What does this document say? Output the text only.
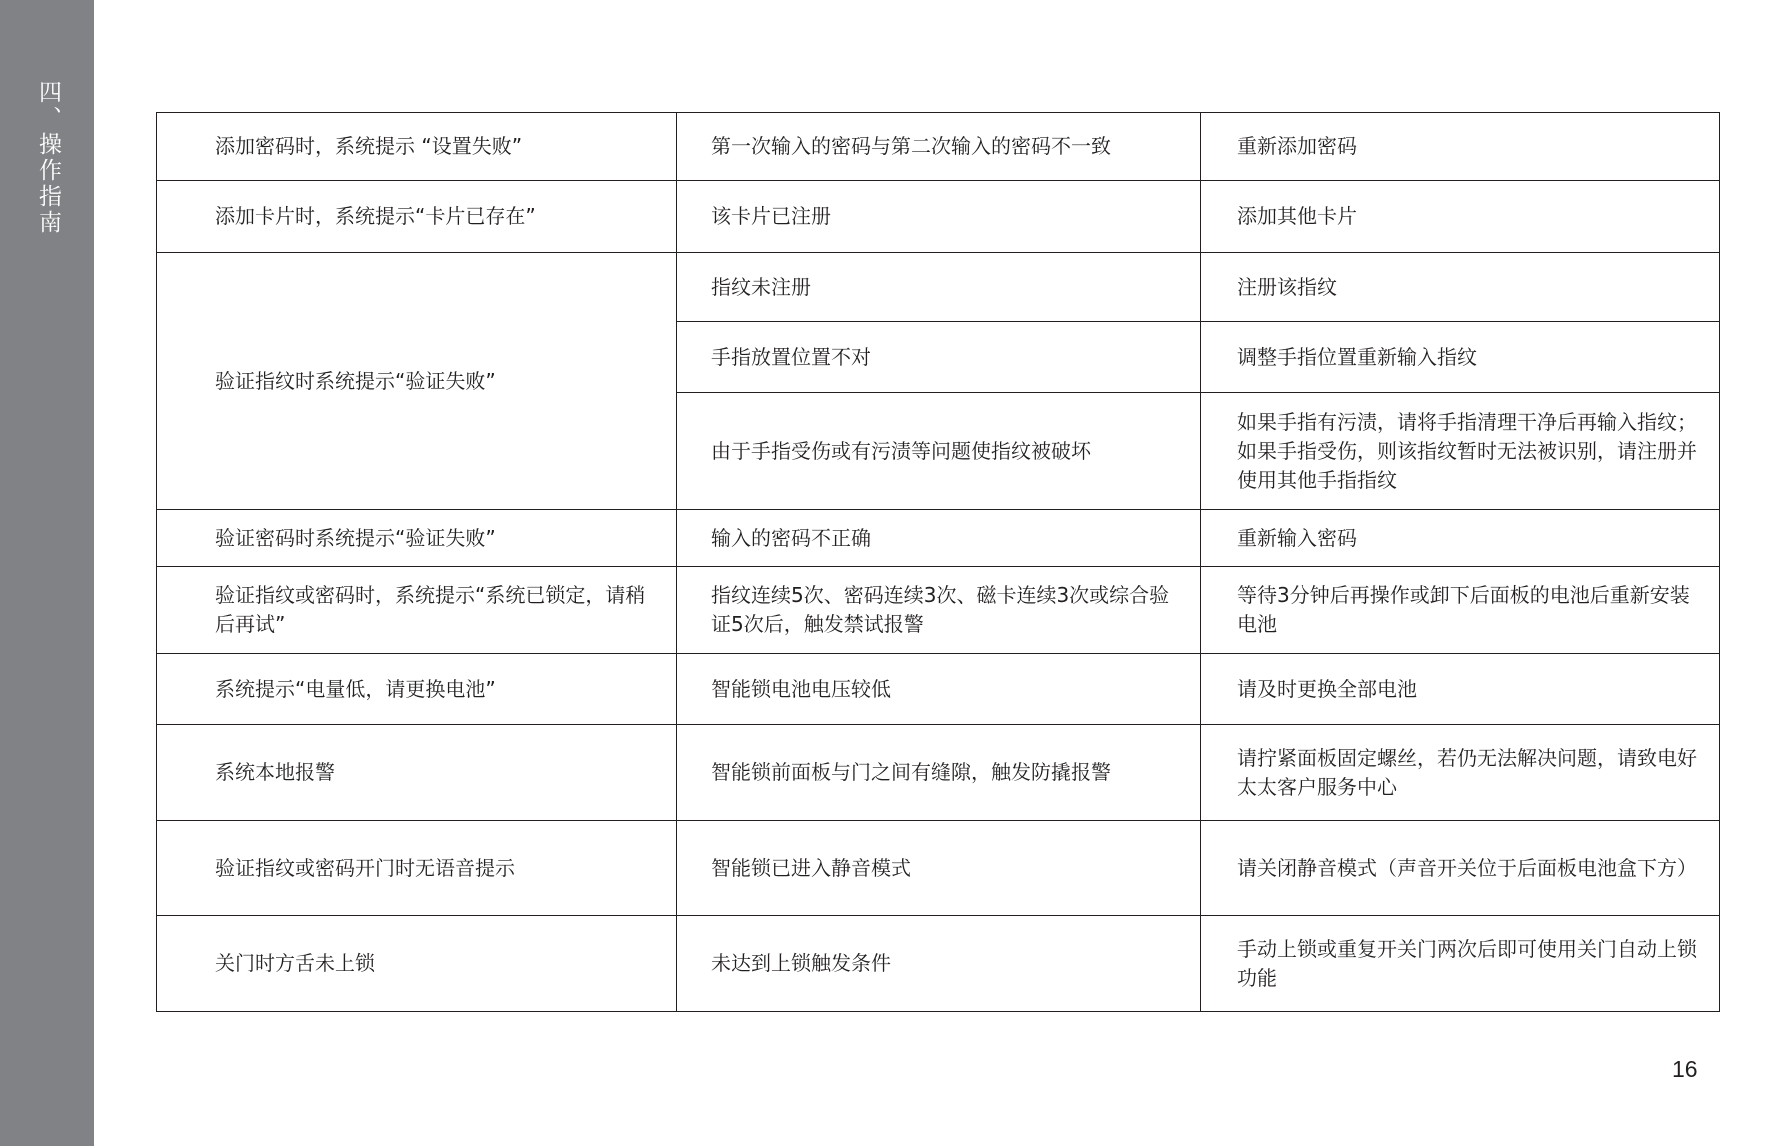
四、操作指南	添加密码时，系统提示 “设置失败”	第一次输入的密码与第二次输入的密码不一致	重新添加密码
添加卡片时，系统提示“卡片已存在”	该卡片已注册	添加其他卡片
验证指纹时系统提示“验证失败”	指纹未注册	注册该指纹
	手指放置位置不对	调整手指位置重新输入指纹
	由于手指受伤或有污渍等问题使指纹被破坏	如果手指有污渍，请将手指清理干净后再输入指纹；如果手指受伤，则该指纹暂时无法被识别，请注册并使用其他手指指纹
验证密码时系统提示“验证失败”	输入的密码不正确	重新输入密码
验证指纹或密码时，系统提示“系统已锁定，请稍后再试”	指纹连续5次、密码连续3次、磁卡连续3次或综合验证5次后，触发禁试报警	等待3分钟后再操作或卸下后面板的电池后重新安装电池
系统提示“电量低，请更换电池”	智能锁电池电压较低	请及时更换全部电池
系统本地报警	智能锁前面板与门之间有缝隙，触发防撬报警	请拧紧面板固定螺丝，若仍无法解决问题，请致电好太太客户服务中心
验证指纹或密码开门时无语音提示	智能锁已进入静音模式	请关闭静音模式（声音开关位于后面板电池盒下方）
关门时方舌未上锁	未达到上锁触发条件	手动上锁或重复开关门两次后即可使用关门自动上锁功能
16
